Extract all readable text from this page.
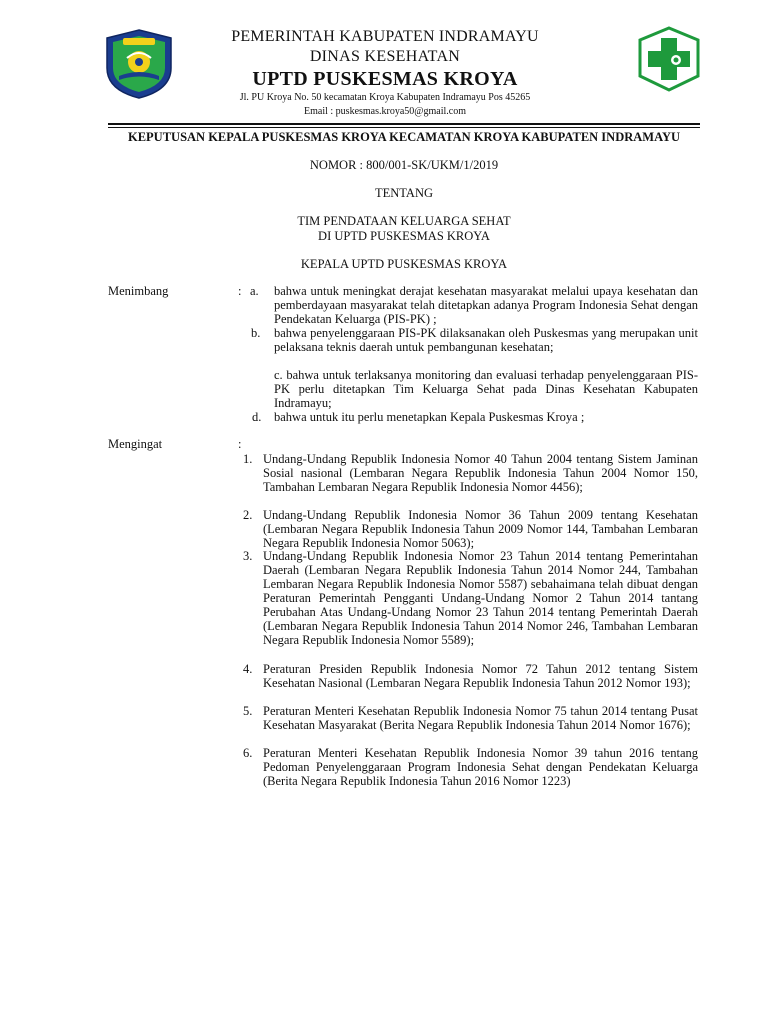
PEMERINTAH KABUPATEN INDRAMAYU
DINAS KESEHATAN
UPTD PUSKESMAS KROYA
Jl. PU Kroya No. 50 kecamatan Kroya Kabupaten Indramayu Pos 45265
Email : puskesmas.kroya50@gmail.com
KEPUTUSAN KEPALA PUSKESMAS KROYA KECAMATAN KROYA KABUPATEN INDRAMAYU
NOMOR : 800/001-SK/UKM/1/2019
TENTANG
TIM PENDATAAN KELUARGA SEHAT
DI UPTD PUSKESMAS KROYA
KEPALA UPTD PUSKESMAS KROYA
Menimbang	: a. bahwa untuk meningkat derajat kesehatan masyarakat melalui upaya kesehatan dan pemberdayaan masyarakat telah ditetapkan adanya Program Indonesia Sehat dengan Pendekatan Keluarga (PIS-PK) ;
b. bahwa penyelenggaraan PIS-PK dilaksanakan oleh Puskesmas yang merupakan unit pelaksana teknis daerah untuk pembangunan kesehatan;
c. bahwa untuk terlaksanya monitoring dan evaluasi terhadap penyelenggaraan PIS-PK perlu ditetapkan Tim Keluarga Sehat pada Dinas Kesehatan Kabupaten Indramayu;
d. bahwa untuk itu perlu menetapkan Kepala Puskesmas Kroya ;
Mengingat	:
1. Undang-Undang Republik Indonesia Nomor 40 Tahun 2004 tentang Sistem Jaminan Sosial nasional (Lembaran Negara Republik Indonesia Tahun 2004 Nomor 150, Tambahan Lembaran Negara Republik Indonesia Nomor 4456);
2. Undang-Undang Republik Indonesia Nomor 36 Tahun 2009 tentang Kesehatan (Lembaran Negara Republik Indonesia Tahun 2009 Nomor 144, Tambahan Lembaran Negara Republik Indonesia Nomor 5063);
3. Undang-Undang Republik Indonesia Nomor 23 Tahun 2014 tentang Pemerintahan Daerah (Lembaran Negara Republik Indonesia Tahun 2014 Nomor 244, Tambahan Lembaran Negara Republik Indonesia Nomor 5587) sebahaimana telah dibuat dengan Peraturan Pemerintah Pengganti Undang-Undang Nomor 2 Tahun 2014 tantang Perubahan Atas Undang-Undang Nomor 23 Tahun 2014 tentang Pemerintah Daerah (Lembaran Negara Republik Indonesia Tahun 2014 Nomor 246, Tambahan Lembaran Negara Republik Indonesia Nomor 5589);
4. Peraturan Presiden Republik Indonesia Nomor 72 Tahun 2012 tentang Sistem Kesehatan Nasional (Lembaran Negara Republik Indonesia Tahun 2012 Nomor 193);
5. Peraturan Menteri Kesehatan Republik Indonesia Nomor 75 tahun 2014 tentang Pusat Kesehatan Masyarakat (Berita Negara Republik Indonesia Tahun 2014 Nomor 1676);
6. Peraturan Menteri Kesehatan Republik Indonesia Nomor 39 tahun 2016 tentang Pedoman Penyelenggaraan Program Indonesia Sehat dengan Pendekatan Keluarga (Berita Negara Republik Indonesia Tahun 2016 Nomor 1223)
